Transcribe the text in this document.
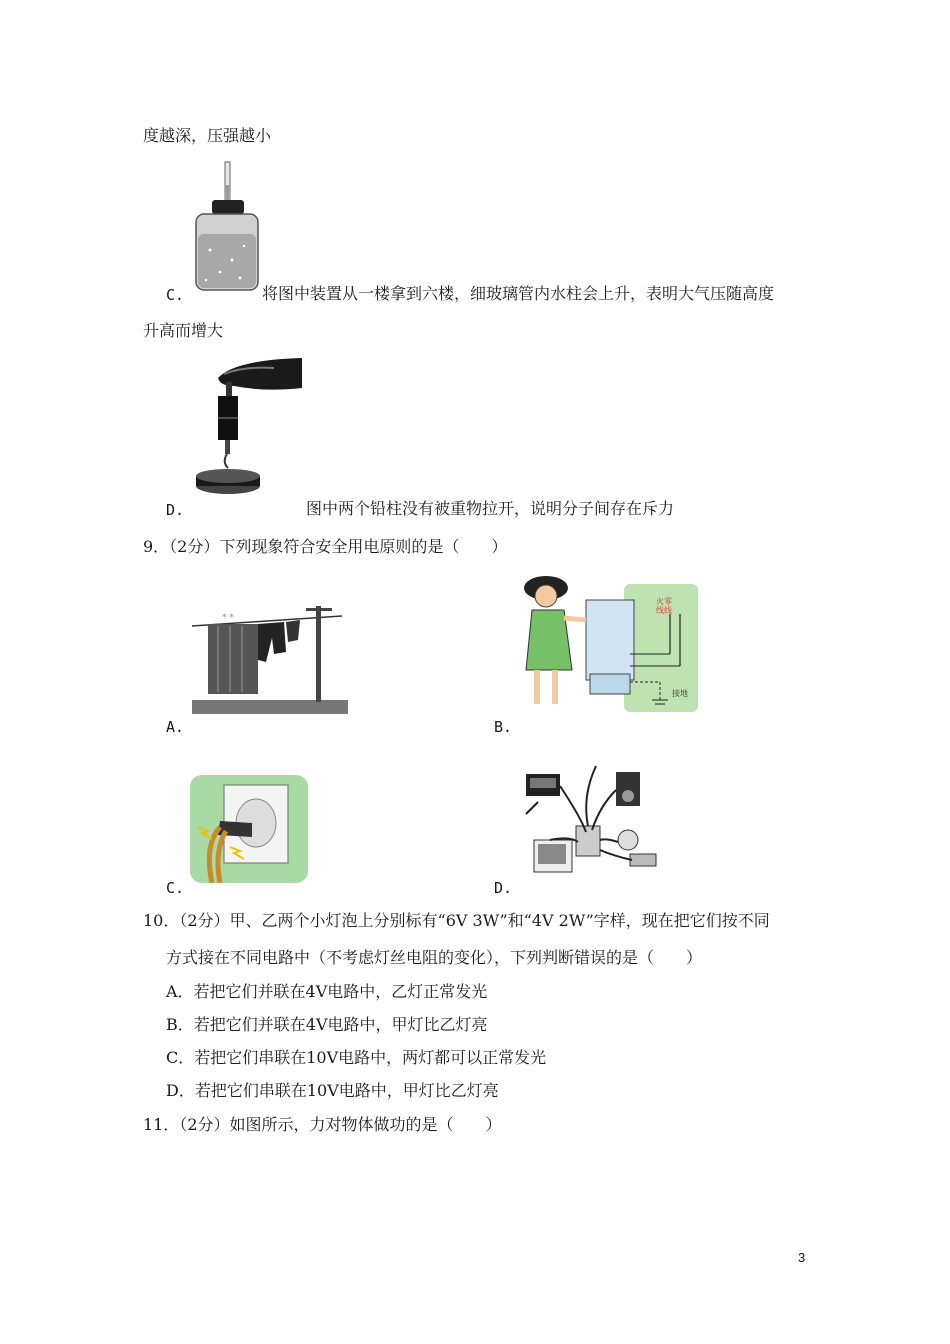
度越深，压强越小
C.	将图中装置从一楼拿到六楼，细玻璃管内水柱会上升，表明大气压随高度
升高而增大
D.	图中两个铅柱没有被重物拉开，说明分子间存在斥力
9．（2分）下列现象符合安全用电原则的是（　　）
* *
A.
火零
线线
接地
B.
C.	D.
10．（2分）甲、乙两个小灯泡上分别标有“6V 3W”和“4V 2W”字样，现在把它们按不同
方式接在不同电路中（不考虑灯丝电阻的变化），下列判断错误的是（　　）
A．若把它们并联在4V电路中，乙灯正常发光
B．若把它们并联在4V电路中，甲灯比乙灯亮
C．若把它们串联在10V电路中，两灯都可以正常发光
D．若把它们串联在10V电路中，甲灯比乙灯亮
11．（2分）如图所示，力对物体做功的是（　　）
3
